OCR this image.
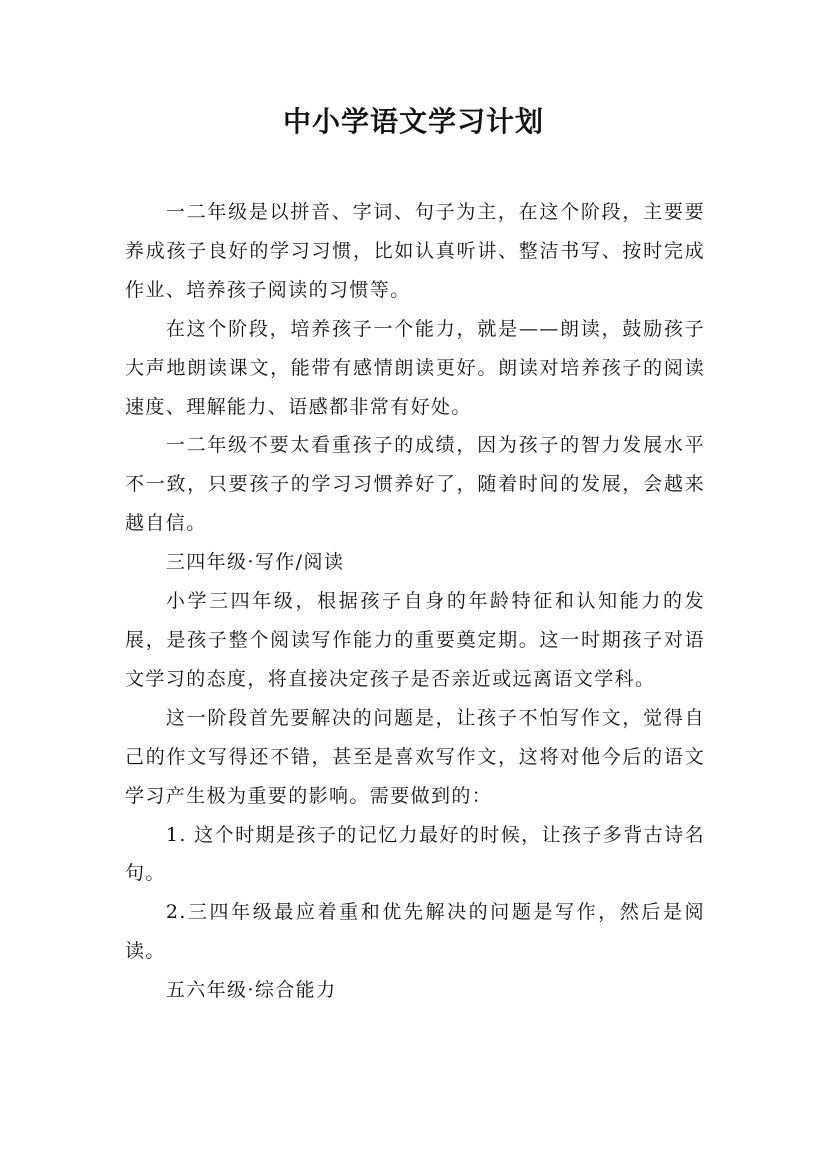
中小学语文学习计划

一二年级是以拼音、字词、句子为主，在这个阶段，主要要养成孩子良好的学习习惯，比如认真听讲、整洁书写、按时完成作业、培养孩子阅读的习惯等。

在这个阶段，培养孩子一个能力，就是——朗读，鼓励孩子大声地朗读课文，能带有感情朗读更好。朗读对培养孩子的阅读速度、理解能力、语感都非常有好处。

一二年级不要太看重孩子的成绩，因为孩子的智力发展水平不一致，只要孩子的学习习惯养好了，随着时间的发展，会越来越自信。

三四年级·写作/阅读

小学三四年级，根据孩子自身的年龄特征和认知能力的发展，是孩子整个阅读写作能力的重要奠定期。这一时期孩子对语文学习的态度，将直接决定孩子是否亲近或远离语文学科。

这一阶段首先要解决的问题是，让孩子不怕写作文，觉得自己的作文写得还不错，甚至是喜欢写作文，这将对他今后的语文学习产生极为重要的影响。需要做到的：

1. 这个时期是孩子的记忆力最好的时候，让孩子多背古诗名句。

2.三四年级最应着重和优先解决的问题是写作，然后是阅读。

五六年级·综合能力
